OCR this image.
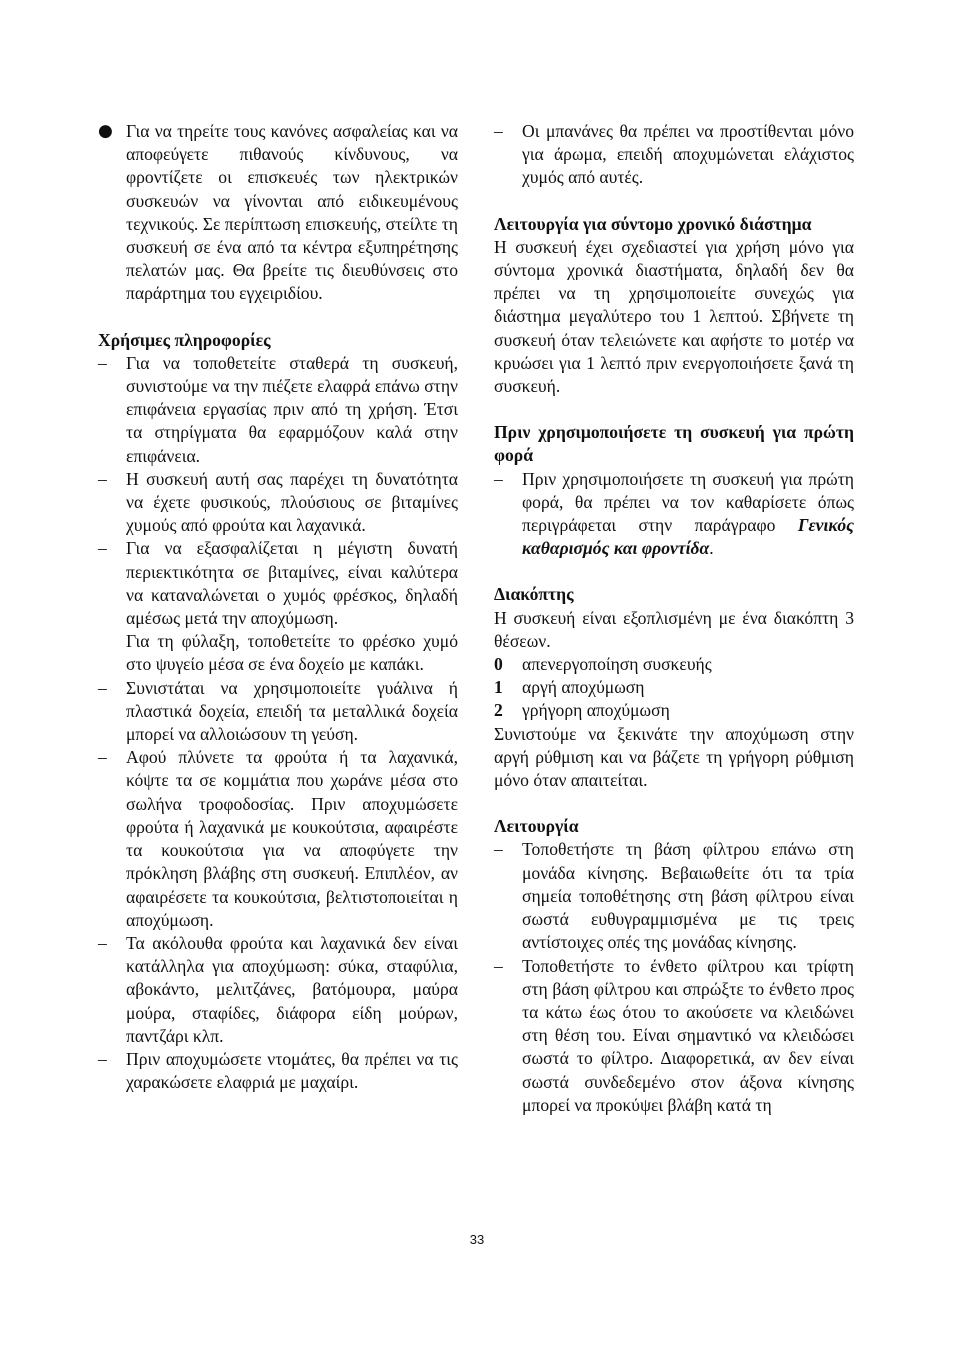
● Για να τηρείτε τους κανόνες ασφαλείας και να αποφεύγετε πιθανούς κίνδυνους, να φροντίζετε οι επισκευές των ηλεκτρικών συσκευών να γίνονται από ειδικευμένους τεχνικούς. Σε περίπτωση επισκευής, στείλτε τη συσκευή σε ένα από τα κέντρα εξυπηρέτησης πελατών μας. Θα βρείτε τις διευθύνσεις στο παράρτημα του εγχειριδίου.

Χρήσιμες πληροφορίες

–	Για να τοποθετείτε σταθερά τη συσκευή, συνιστούμε να την πιέζετε ελαφρά επάνω στην επιφάνεια εργασίας πριν από τη χρήση. Έτσι τα στηρίγματα θα εφαρμόζουν καλά στην επιφάνεια.
–	Η συσκευή αυτή σας παρέχει τη δυνατότητα να έχετε φυσικούς, πλούσιους σε βιταμίνες χυμούς από φρούτα και λαχανικά.
–	Για να εξασφαλίζεται η μέγιστη δυνατή περιεκτικότητα σε βιταμίνες, είναι καλύτερα να καταναλώνεται ο χυμός φρέσκος, δηλαδή αμέσως μετά την αποχύμωση.

Για τη φύλαξη, τοποθετείτε το φρέσκο χυμό στο ψυγείο μέσα σε ένα δοχείο με καπάκι.

–	Συνιστάται να χρησιμοποιείτε γυάλινα ή πλαστικά δοχεία, επειδή τα μεταλλικά δοχεία μπορεί να αλλοιώσουν τη γεύση.
–	Αφού πλύνετε τα φρούτα ή τα λαχανικά, κόψτε τα σε κομμάτια που χωράνε μέσα στο σωλήνα τροφοδοσίας. Πριν αποχυμώσετε φρούτα ή λαχανικά με κουκούτσια, αφαιρέστε τα κουκούτσια για να αποφύγετε την πρόκληση βλάβης στη συσκευή. Επιπλέον, αν αφαιρέσετε τα κουκούτσια, βελτιστοποιείται η αποχύμωση.
–	Τα ακόλουθα φρούτα και λαχανικά δεν είναι κατάλληλα για αποχύμωση: σύκα, σταφύλια, αβοκάντο, μελιτζάνες, βατόμουρα, μαύρα μούρα, σταφίδες, διάφορα είδη μούρων, παντζάρι κλπ.
–	Πριν αποχυμώσετε ντομάτες, θα πρέπει να τις χαρακώσετε ελαφριά με μαχαίρι.
–	Οι μπανάνες θα πρέπει να προστίθενται μόνο για άρωμα, επειδή αποχυμώνεται ελάχιστος χυμός από αυτές.

Λειτουργία για σύντομο χρονικό διάστημα

Η συσκευή έχει σχεδιαστεί για χρήση μόνο για σύντομα χρονικά διαστήματα, δηλαδή δεν θα πρέπει να τη χρησιμοποιείτε συνεχώς για διάστημα μεγαλύτερο του 1 λεπτού. Σβήνετε τη συσκευή όταν τελειώνετε και αφήστε το μοτέρ να κρυώσει για 1 λεπτό πριν ενεργοποιήσετε ξανά τη συσκευή.

Πριν χρησιμοποιήσετε τη συσκευή για πρώτη φορά

–	Πριν χρησιμοποιήσετε τη συσκευή για πρώτη φορά, θα πρέπει να τον καθαρίσετε όπως περιγράφεται στην παράγραφο Γενικός καθαρισμός και φροντίδα.

Διακόπτης

Η συσκευή είναι εξοπλισμένη με ένα διακόπτη 3 θέσεων.

0 απενεργοποίηση συσκευής
1 αργή αποχύμωση
2 γρήγορη αποχύμωση

Συνιστούμε να ξεκινάτε την αποχύμωση στην αργή ρύθμιση και να βάζετε τη γρήγορη ρύθμιση μόνο όταν απαιτείται.

Λειτουργία

–	Τοποθετήστε τη βάση φίλτρου επάνω στη μονάδα κίνησης. Βεβαιωθείτε ότι τα τρία σημεία τοποθέτησης στη βάση φίλτρου είναι σωστά ευθυγραμμισμένα με τις τρεις αντίστοιχες οπές της μονάδας κίνησης.
–	Τοποθετήστε το ένθετο φίλτρου και τρίφτη στη βάση φίλτρου και σπρώξτε το ένθετο προς τα κάτω έως ότου το ακούσετε να κλειδώνει στη θέση του. Είναι σημαντικό να κλειδώσει σωστά το φίλτρο. Διαφορετικά, αν δεν είναι σωστά συνδεδεμένο στον άξονα κίνησης μπορεί να προκύψει βλάβη κατά τη
33
